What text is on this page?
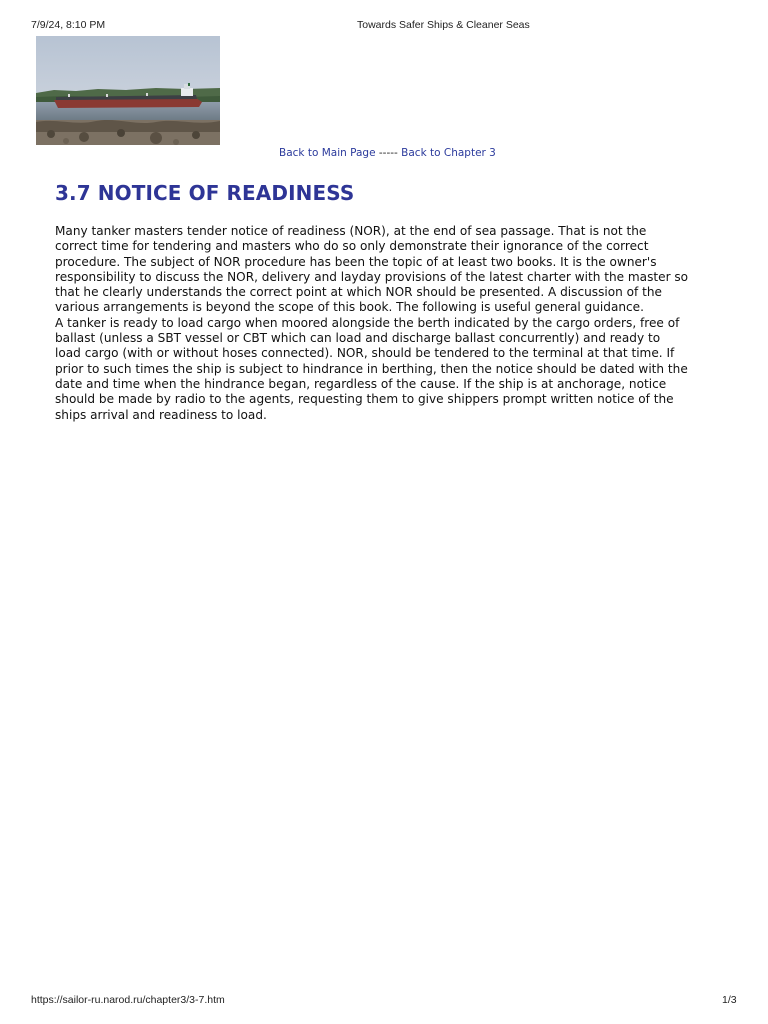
7/9/24, 8:10 PM	Towards Safer Ships & Cleaner Seas
Back to Main Page ----- Back to Chapter 3
3.7 NOTICE OF READINESS
Many tanker masters tender notice of readiness (NOR), at the end of sea passage. That is not the
correct time for tendering and masters who do so only demonstrate their ignorance of the correct
procedure. The subject of NOR procedure has been the topic of at least two books. It is the owner's
responsibility to discuss the NOR, delivery and layday provisions of the latest charter with the master so
that he clearly understands the correct point at which NOR should be presented. A discussion of the
various arrangements is beyond the scope of this book. The following is useful general guidance.
A tanker is ready to load cargo when moored alongside the berth indicated by the cargo orders, free of
ballast (unless a SBT vessel or CBT which can load and discharge ballast concurrently) and ready to
load cargo (with or without hoses connected). NOR, should be tendered to the terminal at that time. If
prior to such times the ship is subject to hindrance in berthing, then the notice should be dated with the
date and time when the hindrance began, regardless of the cause. If the ship is at anchorage, notice
should be made by radio to the agents, requesting them to give shippers prompt written notice of the
ships arrival and readiness to load.
https://sailor-ru.narod.ru/chapter3/3-7.htm	1/3
